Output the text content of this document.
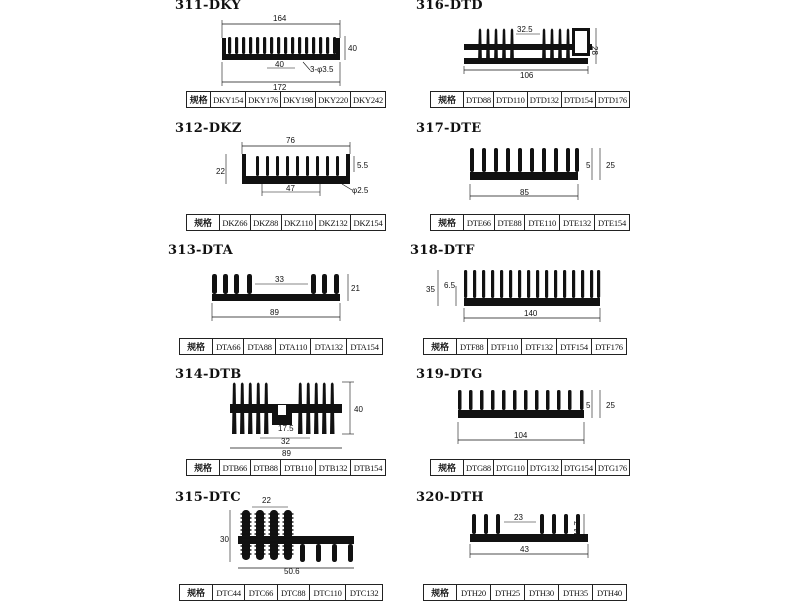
311-DKY
164
40
40
3-φ3.5
172
规格	DKY154	DKY176	DKY198	DKY220	DKY242
312-DKZ
76
22
5.5
47	φ2.5
规格	DKZ66	DKZ88	DKZ110	DKZ132	DKZ154
313-DTA
33
21
89
规格	DTA66	DTA88	DTA110	DTA132	DTA154
314-DTB
40
17.5
32
89
规格	DTB66	DTB88	DTB110	DTB132	DTB154
315-DTC	22
30
50.6
规格	DTC44	DTC66	DTC88	DTC110	DTC132
316-DTD
32.5
28
106
规格	DTD88	DTD110	DTD132	DTD154	DTD176
317-DTE
5 25
85
规格	DTE66	DTE88	DTE110	DTE132	DTE154
318-DTF
35 6.5
140
规格	DTF88	DTF110	DTF132	DTF154	DTF176
319-DTG
5 25
104
规格	DTG88	DTG110	DTG132	DTG154	DTG176
320-DTH
23
11.7
43
规格	DTH20	DTH25	DTH30	DTH35	DTH40
